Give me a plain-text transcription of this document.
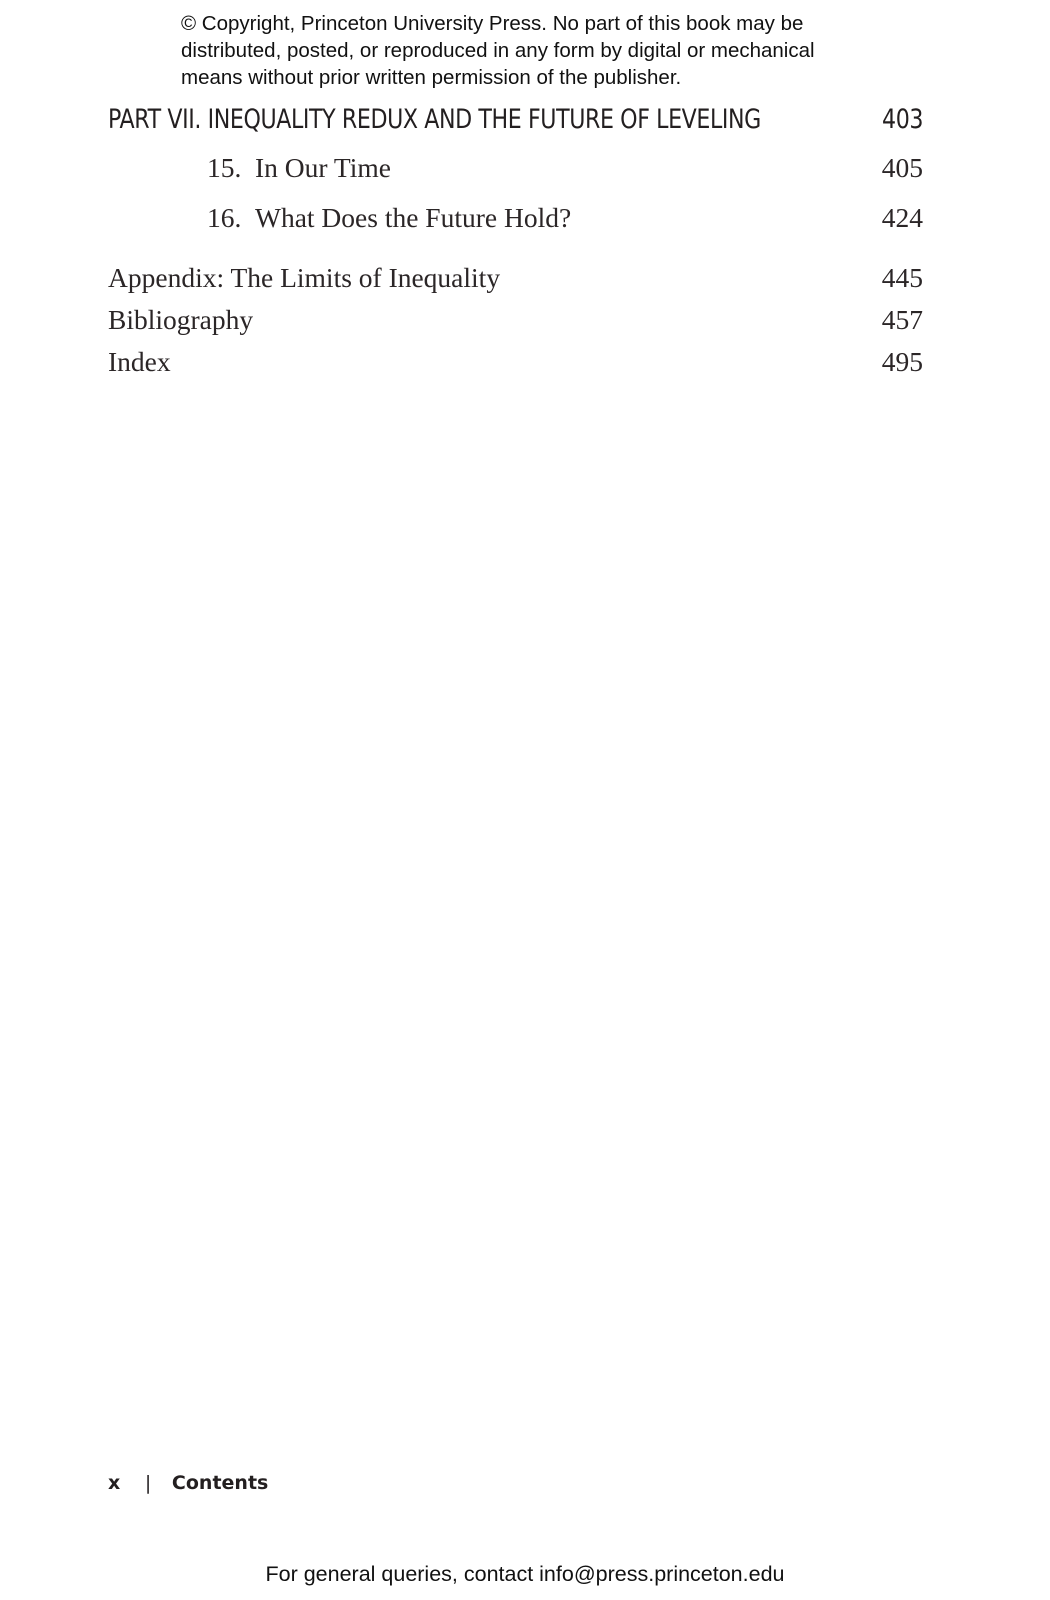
© Copyright, Princeton University Press. No part of this book may be
distributed, posted, or reproduced in any form by digital or mechanical
means without prior written permission of the publisher.
PART VII. INEQUALITY REDUX AND THE FUTURE OF LEVELING	403
15. In Our Time	405
16. What Does the Future Hold?	424
Appendix: The Limits of Inequality	445
Bibliography	457
Index	495
x | Contents
For general queries, contact info@press.princeton.edu
